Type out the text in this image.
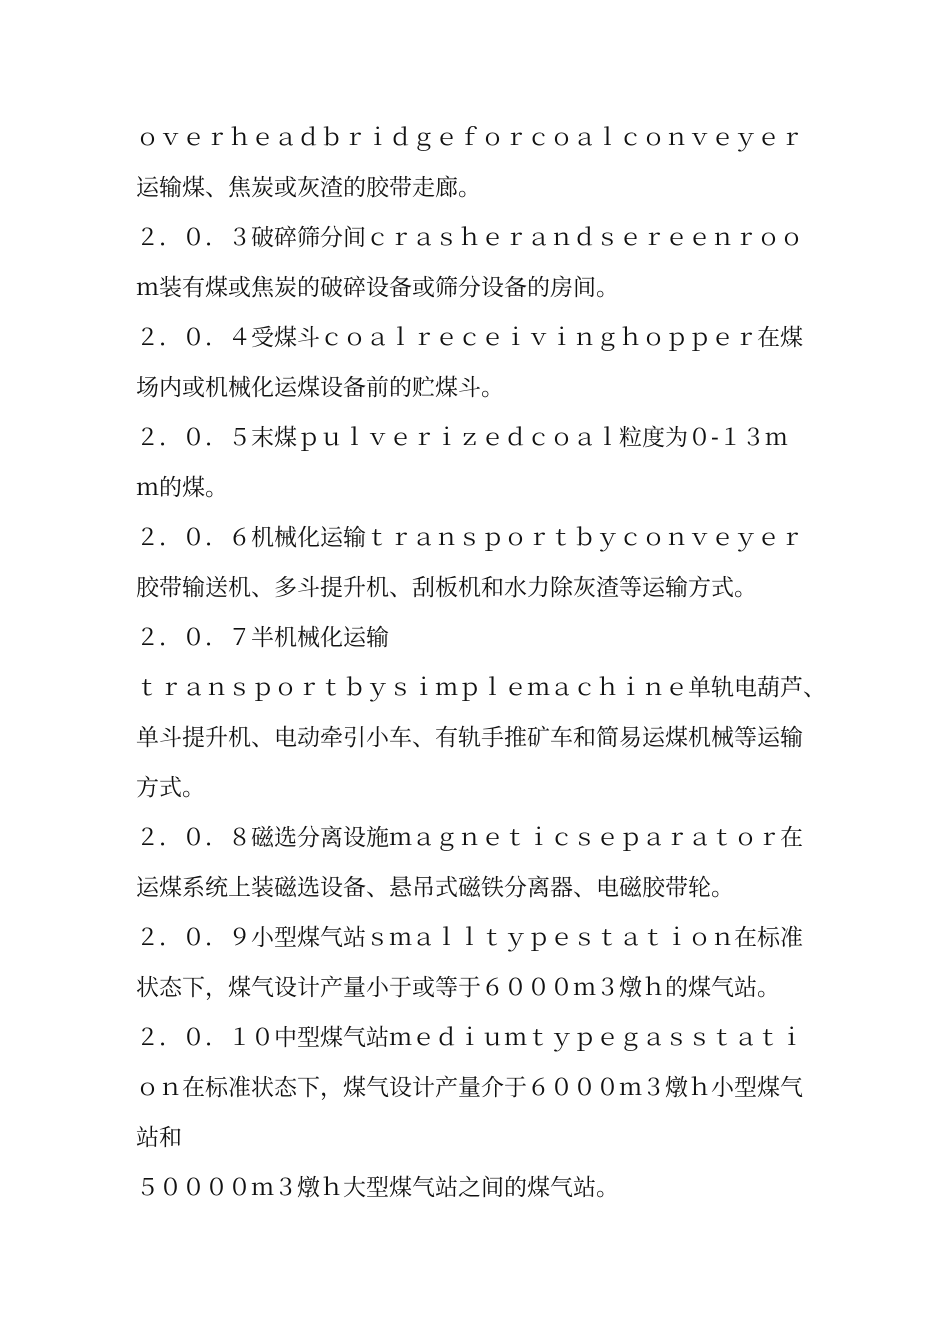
ｏｖｅｒｈｅａｄｂｒｉｄｇｅｆｏｒｃｏａｌｃｏｎｖｅｙｅｒ
运输煤、焦炭或灰渣的胶带走廊。
２．０．３破碎筛分间ｃｒａｓｈｅｒａｎｄｓｅｒｅｅｎｒｏｏ
ｍ装有煤或焦炭的破碎设备或筛分设备的房间。
２．０．４受煤斗ｃｏａｌｒｅｃｅｉｖｉｎｇｈｏｐｐｅｒ在煤
场内或机械化运煤设备前的贮煤斗。
２．０．５末煤ｐｕｌｖｅｒｉｚｅｄｃｏａｌ粒度为０-１３ｍ
ｍ的煤。
２．０．６机械化运输ｔｒａｎｓｐｏｒｔｂｙｃｏｎｖｅｙｅｒ
胶带输送机、多斗提升机、刮板机和水力除灰渣等运输方式。
２．０．７半机械化运输
ｔｒａｎｓｐｏｒｔｂｙｓｉｍｐｌｅｍａｃｈｉｎｅ单轨电葫芦、
单斗提升机、电动牵引小车、有轨手推矿车和简易运煤机械等运输
方式。
２．０．８磁选分离设施ｍａｇｎｅｔｉｃｓｅｐａｒａｔｏｒ在
运煤系统上装磁选设备、悬吊式磁铁分离器、电磁胶带轮。
２．０．９小型煤气站ｓｍａｌｌｔｙｐｅｓｔａｔｉｏｎ在标准
状态下，煤气设计产量小于或等于６０００ｍ３燉ｈ的煤气站。
２．０．１０中型煤气站ｍｅｄｉｕｍｔｙｐｅｇａｓｓｔａｔｉ
ｏｎ在标准状态下，煤气设计产量介于６０００ｍ３燉ｈ小型煤气
站和
５００００ｍ３燉ｈ大型煤气站之间的煤气站。
